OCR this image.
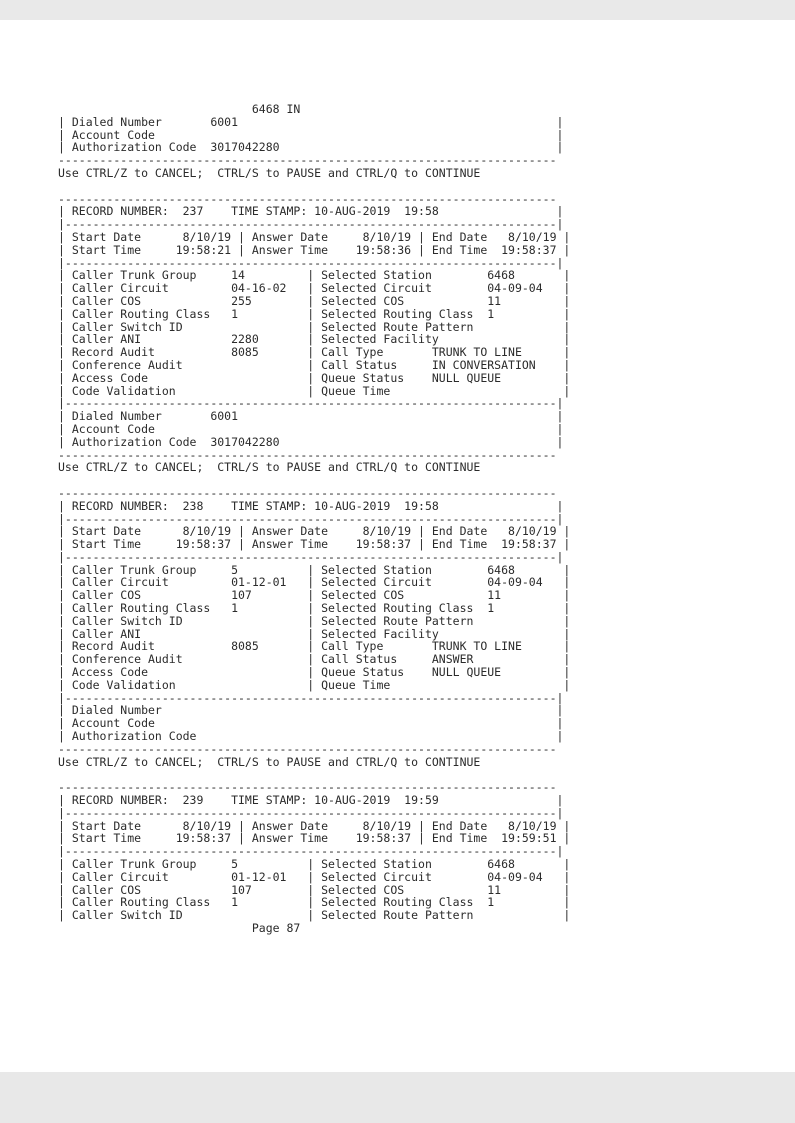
6468 IN
| Dialed Number       6001                                              |
| Account Code                                                          |
| Authorization Code  3017042280                                        |
------------------------------------------------------------------------
Use CTRL/Z to CANCEL;  CTRL/S to PAUSE and CTRL/Q to CONTINUE
------------------------------------------------------------------------
| RECORD NUMBER:  237    TIME STAMP: 10-AUG-2019  19:58                 |
|-----------------------------------------------------------------------|
| Start Date      8/10/19 | Answer Date     8/10/19 | End Date   8/10/19 |
| Start Time     19:58:21 | Answer Time    19:58:36 | End Time  19:58:37 |
|-----------------------------------------------------------------------|
| Caller Trunk Group     14         | Selected Station        6468       |
| Caller Circuit         04-16-02   | Selected Circuit        04-09-04   |
| Caller COS             255        | Selected COS            11         |
| Caller Routing Class   1          | Selected Routing Class  1          |
| Caller Switch ID                  | Selected Route Pattern             |
| Caller ANI             2280       | Selected Facility                  |
| Record Audit           8085       | Call Type       TRUNK TO LINE      |
| Conference Audit                  | Call Status     IN CONVERSATION    |
| Access Code                       | Queue Status    NULL QUEUE         |
| Code Validation                   | Queue Time                         |
|-----------------------------------------------------------------------|
| Dialed Number       6001                                              |
| Account Code                                                          |
| Authorization Code  3017042280                                        |
------------------------------------------------------------------------
Use CTRL/Z to CANCEL;  CTRL/S to PAUSE and CTRL/Q to CONTINUE
------------------------------------------------------------------------
| RECORD NUMBER:  238    TIME STAMP: 10-AUG-2019  19:58                 |
|-----------------------------------------------------------------------|
| Start Date      8/10/19 | Answer Date     8/10/19 | End Date   8/10/19 |
| Start Time     19:58:37 | Answer Time    19:58:37 | End Time  19:58:37 |
|-----------------------------------------------------------------------|
| Caller Trunk Group     5          | Selected Station        6468       |
| Caller Circuit         01-12-01   | Selected Circuit        04-09-04   |
| Caller COS             107        | Selected COS            11         |
| Caller Routing Class   1          | Selected Routing Class  1          |
| Caller Switch ID                  | Selected Route Pattern             |
| Caller ANI                        | Selected Facility                  |
| Record Audit           8085       | Call Type       TRUNK TO LINE      |
| Conference Audit                  | Call Status     ANSWER             |
| Access Code                       | Queue Status    NULL QUEUE         |
| Code Validation                   | Queue Time                         |
|-----------------------------------------------------------------------|
| Dialed Number                                                         |
| Account Code                                                          |
| Authorization Code                                                    |
------------------------------------------------------------------------
Use CTRL/Z to CANCEL;  CTRL/S to PAUSE and CTRL/Q to CONTINUE
------------------------------------------------------------------------
| RECORD NUMBER:  239    TIME STAMP: 10-AUG-2019  19:59                 |
|-----------------------------------------------------------------------|
| Start Date      8/10/19 | Answer Date     8/10/19 | End Date   8/10/19 |
| Start Time     19:58:37 | Answer Time    19:58:37 | End Time  19:59:51 |
|-----------------------------------------------------------------------|
| Caller Trunk Group     5          | Selected Station        6468       |
| Caller Circuit         01-12-01   | Selected Circuit        04-09-04   |
| Caller COS             107        | Selected COS            11         |
| Caller Routing Class   1          | Selected Routing Class  1          |
| Caller Switch ID                  | Selected Route Pattern             |
Page 87
